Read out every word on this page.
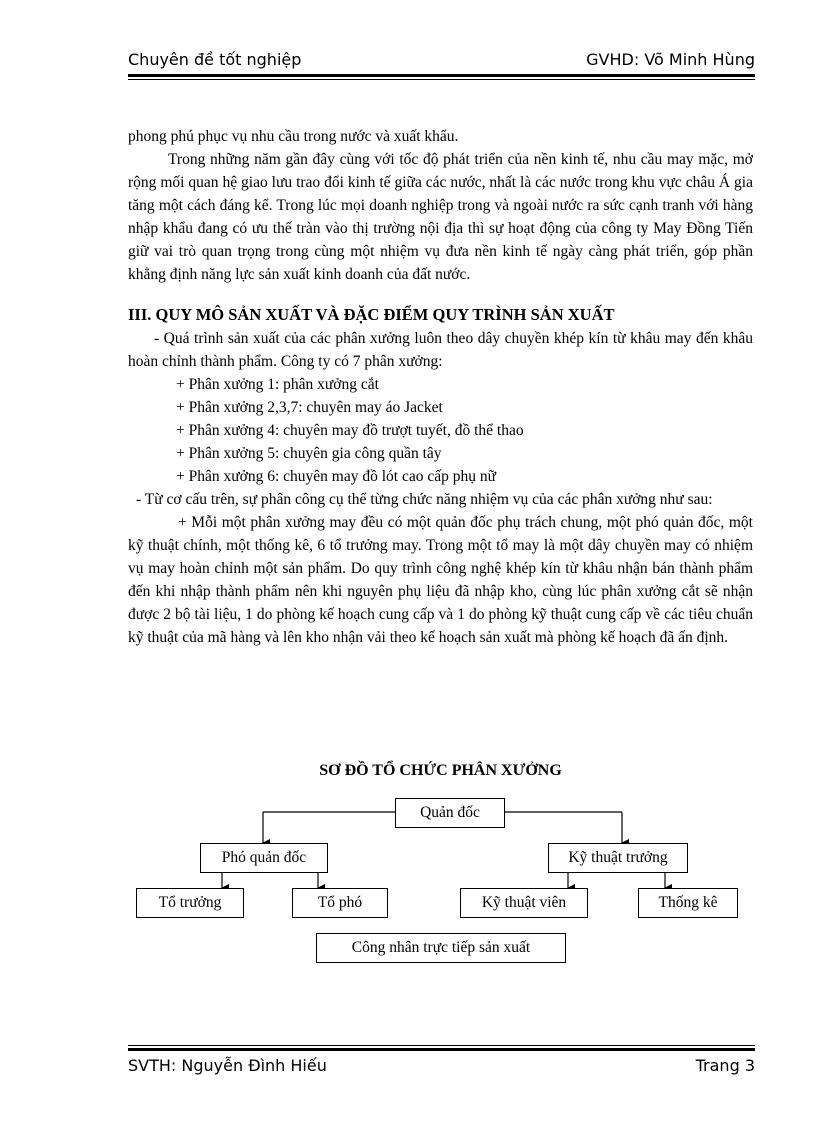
Chuyên đề tốt nghiệp	GVHD: Võ Minh Hùng

phong phú phục vụ nhu cầu trong nước và xuất khẩu.

Trong những năm gần đây cùng với tốc độ phát triển của nền kinh tế, nhu cầu may mặc, mở rộng mối quan hệ giao lưu trao đổi kinh tế giữa các nước, nhất là các nước trong khu vực châu Á gia tăng một cách đáng kể. Trong lúc mọi doanh nghiệp trong và ngoài nước ra sức cạnh tranh với hàng nhập khẩu đang có ưu thế tràn vào thị trường nội địa thì sự hoạt động của công ty May Đồng Tiến giữ vai trò quan trọng trong cùng một nhiệm vụ đưa nền kinh tế ngày càng phát triển, góp phần khẳng định năng lực sản xuất kinh doanh của đất nước.

III. QUY MÔ SẢN XUẤT VÀ ĐẶC ĐIỂM QUY TRÌNH SẢN XUẤT

- Quá trình sản xuất của các phân xưởng luôn theo dây chuyền khép kín từ khâu may đến khâu hoàn chỉnh thành phẩm. Công ty có 7 phân xưởng:

+ Phân xưởng 1: phân xưởng cắt

+ Phân xưởng 2,3,7: chuyên may áo Jacket

+ Phân xưởng 4: chuyên may đồ trượt tuyết, đồ thể thao

+ Phân xưởng 5: chuyên gia công quần tây

+ Phân xưởng 6: chuyên may đồ lót cao cấp phụ nữ

- Từ cơ cấu trên, sự phân công cụ thể từng chức năng nhiệm vụ của các phân xưởng như sau:

+ Mỗi một phân xưởng may đều có một quản đốc phụ trách chung, một phó quản đốc, một kỹ thuật chính, một thống kê, 6 tổ trưởng may. Trong một tổ may là một dây chuyền may có nhiệm vụ may hoàn chỉnh một sản phẩm. Do quy trình công nghệ khép kín từ khâu nhận bán thành phẩm đến khi nhập thành phẩm nên khi nguyên phụ liệu đã nhập kho, cùng lúc phân xưởng cắt sẽ nhận được 2 bộ tài liệu, 1 do phòng kế hoạch cung cấp và 1 do phòng kỹ thuật cung cấp về các tiêu chuẩn kỹ thuật của mã hàng và lên kho nhận vải theo kế hoạch sản xuất mà phòng kế hoạch đã ấn định.

SƠ ĐỒ TỔ CHỨC PHÂN XƯỞNG
Quản đốc
Phó quản đốc	Kỹ thuật trưởng
Tổ trưởng	Tổ phó	Kỹ thuật viên	Thống kê
Công nhân trực tiếp sản xuất
SVTH: Nguyễn Đình Hiếu	Trang 3
